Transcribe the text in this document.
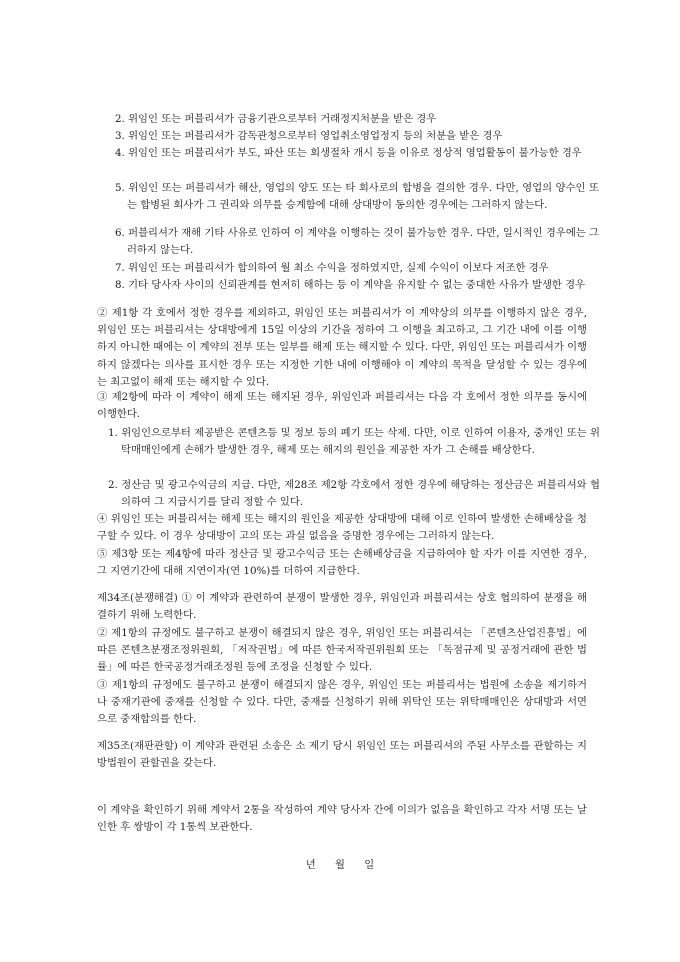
2. 위임인 또는 퍼블리셔가 금융기관으로부터 거래정지처분을 받은 경우

3. 위임인 또는 퍼블리셔가 감독관청으로부터 영업취소영업정지 등의 처분을 받은 경우

4. 위임인 또는 퍼블리셔가 부도, 파산 또는 회생절차 개시 등을 이유로 정상적 영업활동이 불가능한 경우

5. 위임인 또는 퍼블리셔가 해산, 영업의 양도 또는 타 회사로의 합병을 결의한 경우. 다만, 영업의 양수인 또는 합병된 회사가 그 권리와 의무를 승계함에 대해 상대방이 동의한 경우에는 그러하지 않는다.

6. 퍼블리셔가 재해 기타 사유로 인하여 이 계약을 이행하는 것이 불가능한 경우. 다만, 일시적인 경우에는 그러하지 않는다.

7. 위임인 또는 퍼블리셔가 합의하여 월 최소 수익을 정하였지만, 실제 수익이 이보다 저조한 경우

8. 기타 당사자 사이의 신뢰관계를 현저히 해하는 등 이 계약을 유지할 수 없는 중대한 사유가 발생한 경우

② 제1항 각 호에서 정한 경우를 제외하고, 위임인 또는 퍼블리셔가 이 계약상의 의무를 이행하지 않은 경우, 위임인 또는 퍼블리셔는 상대방에게 15일 이상의 기간을 정하여 그 이행을 최고하고, 그 기간 내에 이를 이행하지 아니한 때에는 이 계약의 전부 또는 일부를 해제 또는 해지할 수 있다. 다만, 위임인 또는 퍼블리셔가 이행하지 않겠다는 의사를 표시한 경우 또는 지정한 기한 내에 이행해야 이 계약의 목적을 달성할 수 있는 경우에는 최고없이 해제 또는 해지할 수 있다.

③ 제2항에 따라 이 계약이 해제 또는 해지된 경우, 위임인과 퍼블리셔는 다음 각 호에서 정한 의무를 동시에 이행한다.

1. 위임인으로부터 제공받은 콘텐츠등 및 정보 등의 폐기 또는 삭제. 다만, 이로 인하여 이용자, 중개인 또는 위탁매매인에게 손해가 발생한 경우, 해제 또는 해지의 원인을 제공한 자가 그 손해를 배상한다.

2. 정산금 및 광고수익금의 지급. 다만, 제28조 제2항 각호에서 정한 경우에 해당하는 정산금은 퍼블리셔와 협의하여 그 지급시기를 달리 정할 수 있다.

④ 위임인 또는 퍼블리셔는 해제 또는 해지의 원인을 제공한 상대방에 대해 이로 인하여 발생한 손해배상을 청구할 수 있다. 이 경우 상대방이 고의 또는 과실 없음을 증명한 경우에는 그러하지 않는다.

⑤ 제3항 또는 제4항에 따라 정산금 및 광고수익금 또는 손해배상금을 지급하여야 할 자가 이를 지연한 경우, 그 지연기간에 대해 지연이자(연 10%)를 더하여 지급한다.

제34조(분쟁해결) ① 이 계약과 관련하여 분쟁이 발생한 경우, 위임인과 퍼블리셔는 상호 협의하여 분쟁을 해결하기 위해 노력한다.

② 제1항의 규정에도 불구하고 분쟁이 해결되지 않은 경우, 위임인 또는 퍼블리셔는 「콘텐츠산업진흥법」에 따른 콘텐츠분쟁조정위원회, 「저작권법」에 따른 한국저작권위원회 또는 「독점규제 및 공정거래에 관한 법률」에 따른 한국공정거래조정원 등에 조정을 신청할 수 있다.

③ 제1항의 규정에도 불구하고 분쟁이 해결되지 않은 경우, 위임인 또는 퍼블리셔는 법원에 소송을 제기하거나 중재기관에 중재를 신청할 수 있다. 다만, 중재를 신청하기 위해 위탁인 또는 위탁매매인은 상대방과 서면으로 중재합의를 한다.

제35조(재판관할) 이 계약과 관련된 소송은 소 제기 당시 위임인 또는 퍼블리셔의 주된 사무소를 관할하는 지방법원이 관할권을 갖는다.

이 계약을 확인하기 위해 계약서 2통을 작성하여 계약 당사자 간에 이의가 없음을 확인하고 각자 서명 또는 날인한 후 쌍방이 각 1통씩 보관한다.

년 월 일
